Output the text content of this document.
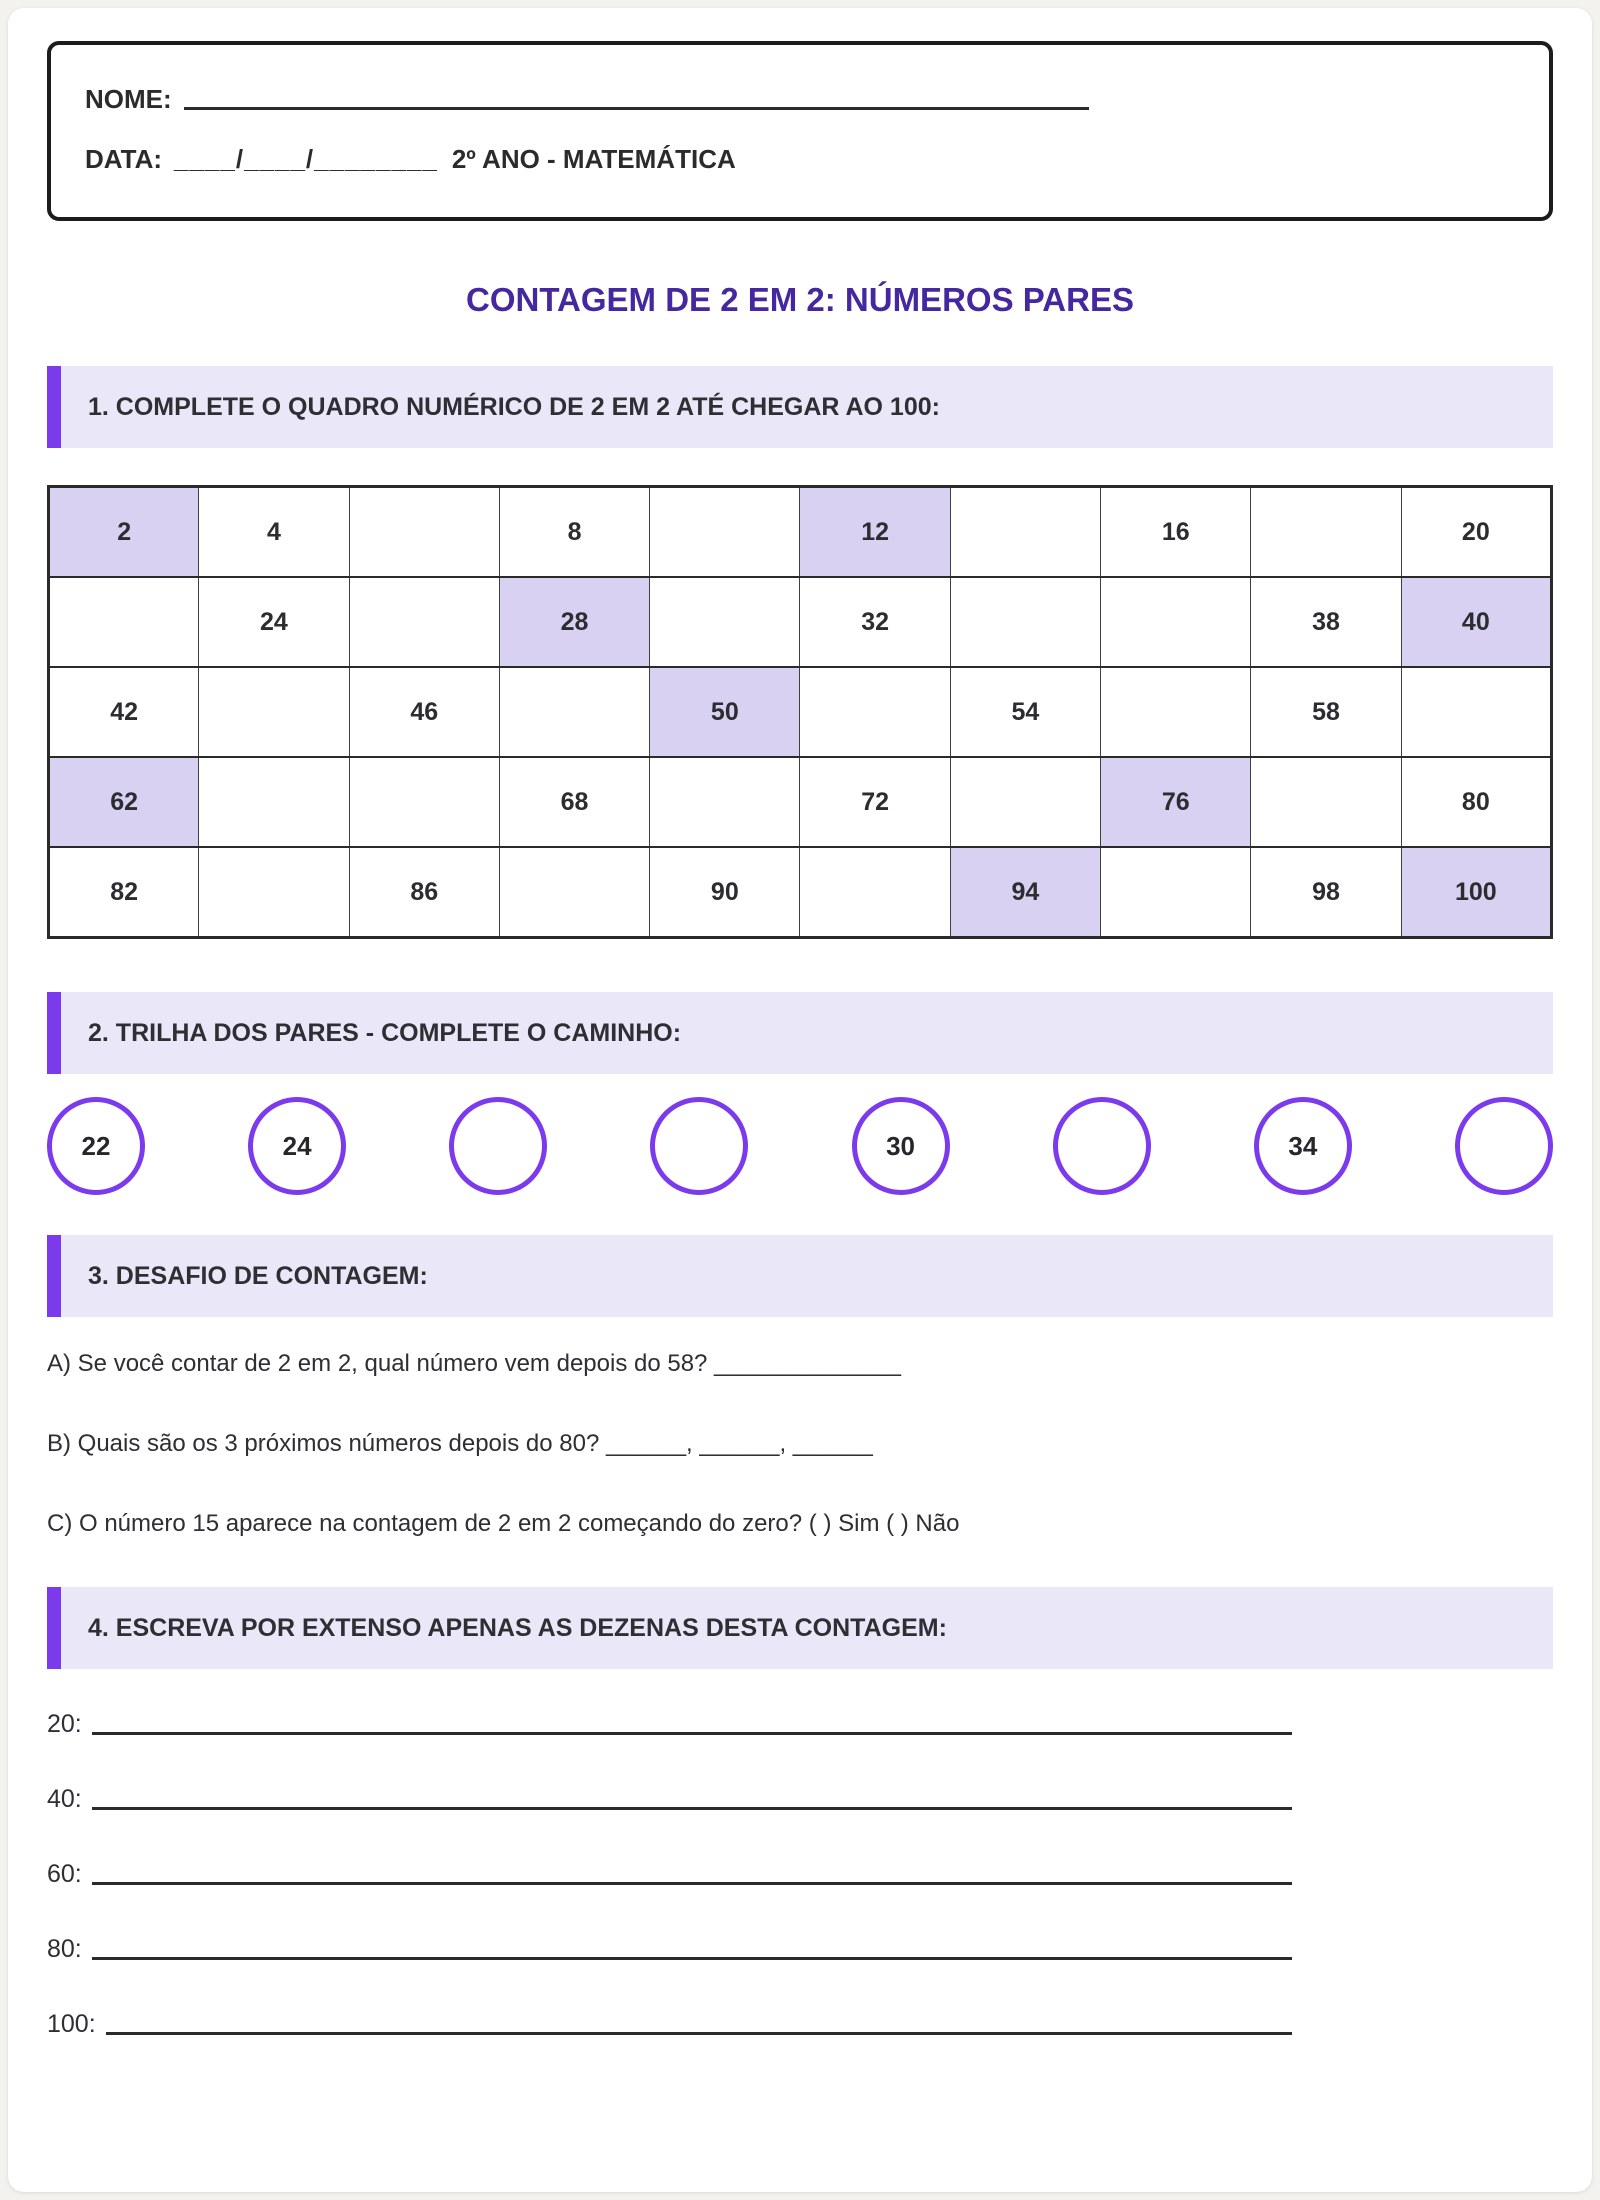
NOME:
DATA: ____/____/________ 2º ANO - MATEMÁTICA
CONTAGEM DE 2 EM 2: NÚMEROS PARES
1. COMPLETE O QUADRO NUMÉRICO DE 2 EM 2 ATÉ CHEGAR AO 100:
2	4		8		12		16		20
	24		28		32			38	40
42		46		50		54		58	
62			68		72		76		80
82		86		90		94		98	100
2. TRILHA DOS PARES - COMPLETE O CAMINHO:
22	24	30	34
3. DESAFIO DE CONTAGEM:

A) Se você contar de 2 em 2, qual número vem depois do 58? ______________

B) Quais são os 3 próximos números depois do 80? ______, ______, ______

C) O número 15 aparece na contagem de 2 em 2 começando do zero? ( ) Sim ( ) Não

4. ESCREVA POR EXTENSO APENAS AS DEZENAS DESTA CONTAGEM:
20:
40:
60:
80:
100:
